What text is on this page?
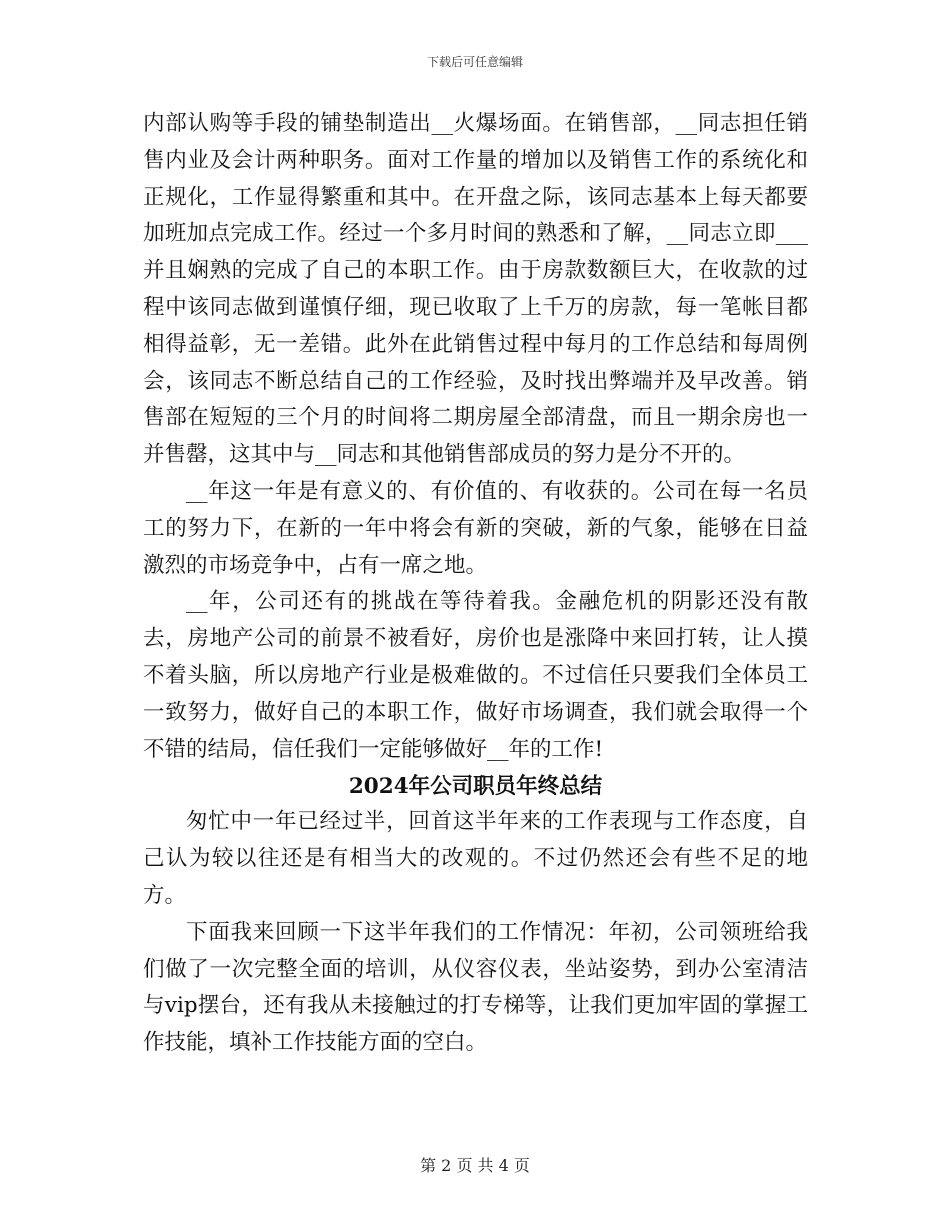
下载后可任意编辑

内部认购等手段的铺垫制造出__火爆场面。在销售部，__同志担任销售内业及会计两种职务。面对工作量的增加以及销售工作的系统化和正规化，工作显得繁重和其中。在开盘之际，该同志基本上每天都要加班加点完成工作。经过一个多月时间的熟悉和了解，__同志立即___并且娴熟的完成了自己的本职工作。由于房款数额巨大，在收款的过程中该同志做到谨慎仔细，现已收取了上千万的房款，每一笔帐目都相得益彰，无一差错。此外在此销售过程中每月的工作总结和每周例会，该同志不断总结自己的工作经验，及时找出弊端并及早改善。销售部在短短的三个月的时间将二期房屋全部清盘，而且一期余房也一并售罄，这其中与__同志和其他销售部成员的努力是分不开的。

__年这一年是有意义的、有价值的、有收获的。公司在每一名员工的努力下，在新的一年中将会有新的突破，新的气象，能够在日益激烈的市场竞争中，占有一席之地。

__年，公司还有的挑战在等待着我。金融危机的阴影还没有散去，房地产公司的前景不被看好，房价也是涨降中来回打转，让人摸不着头脑，所以房地产行业是极难做的。不过信任只要我们全体员工一致努力，做好自己的本职工作，做好市场调查，我们就会取得一个不错的结局，信任我们一定能够做好__年的工作!

2024年公司职员年终总结

匆忙中一年已经过半，回首这半年来的工作表现与工作态度，自己认为较以往还是有相当大的改观的。不过仍然还会有些不足的地方。

下面我来回顾一下这半年我们的工作情况：年初，公司领班给我们做了一次完整全面的培训，从仪容仪表，坐站姿势，到办公室清洁与vip摆台，还有我从未接触过的打专梯等，让我们更加牢固的掌握工作技能，填补工作技能方面的空白。

第 2 页 共 4 页
